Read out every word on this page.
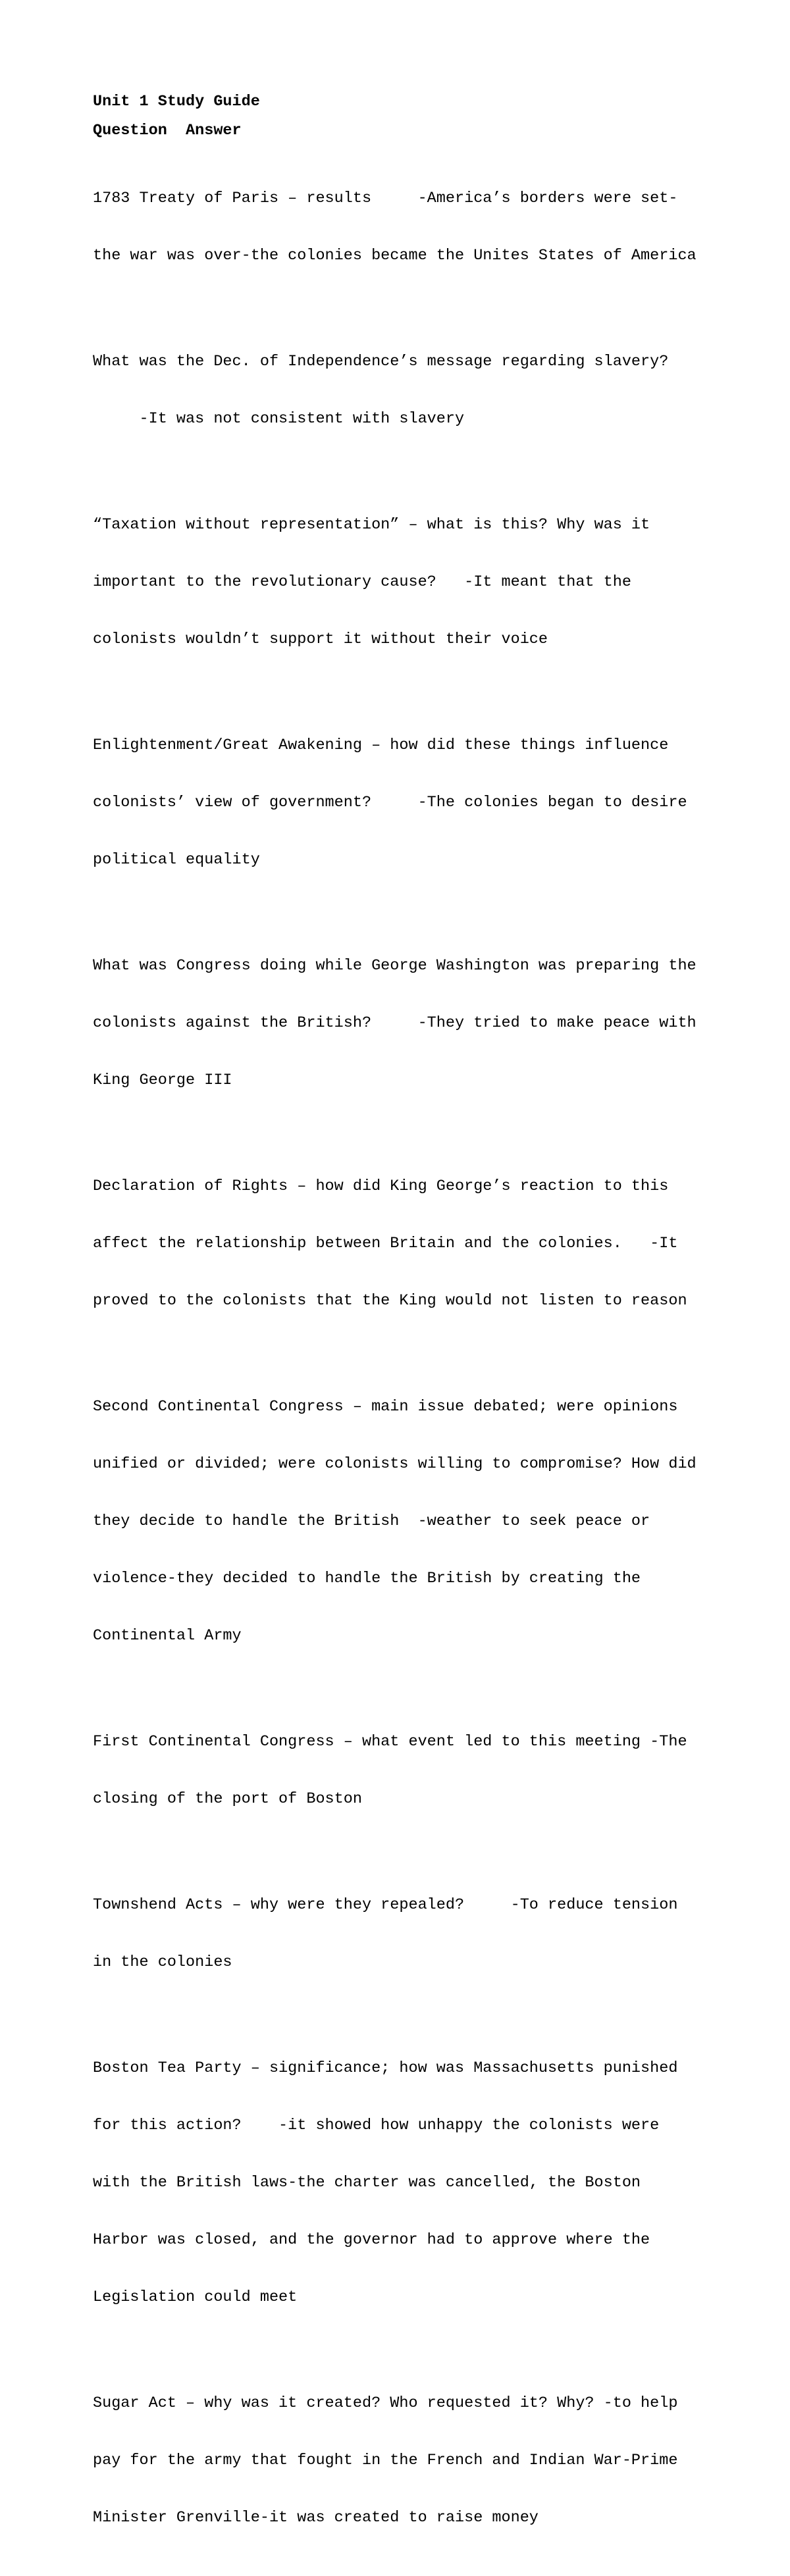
Unit 1 Study Guide
Question  Answer

1783 Treaty of Paris – results     -America’s borders were set-

the war was over-the colonies became the Unites States of America

What was the Dec. of Independence’s message regarding slavery?

-It was not consistent with slavery

“Taxation without representation” – what is this? Why was it

important to the revolutionary cause?   -It meant that the

colonists wouldn’t support it without their voice

Enlightenment/Great Awakening – how did these things influence

colonists’ view of government?     -The colonies began to desire

political equality

What was Congress doing while George Washington was preparing the

colonists against the British?     -They tried to make peace with

King George III

Declaration of Rights – how did King George’s reaction to this

affect the relationship between Britain and the colonies.   -It

proved to the colonists that the King would not listen to reason

Second Continental Congress – main issue debated; were opinions

unified or divided; were colonists willing to compromise? How did

they decide to handle the British  -weather to seek peace or

violence-they decided to handle the British by creating the

Continental Army

First Continental Congress – what event led to this meeting -The

closing of the port of Boston

Townshend Acts – why were they repealed?     -To reduce tension

in the colonies

Boston Tea Party – significance; how was Massachusetts punished

for this action?    -it showed how unhappy the colonists were

with the British laws-the charter was cancelled, the Boston

Harbor was closed, and the governor had to approve where the

Legislation could meet

Sugar Act – why was it created? Who requested it? Why? -to help

pay for the army that fought in the French and Indian War-Prime

Minister Grenville-it was created to raise money
